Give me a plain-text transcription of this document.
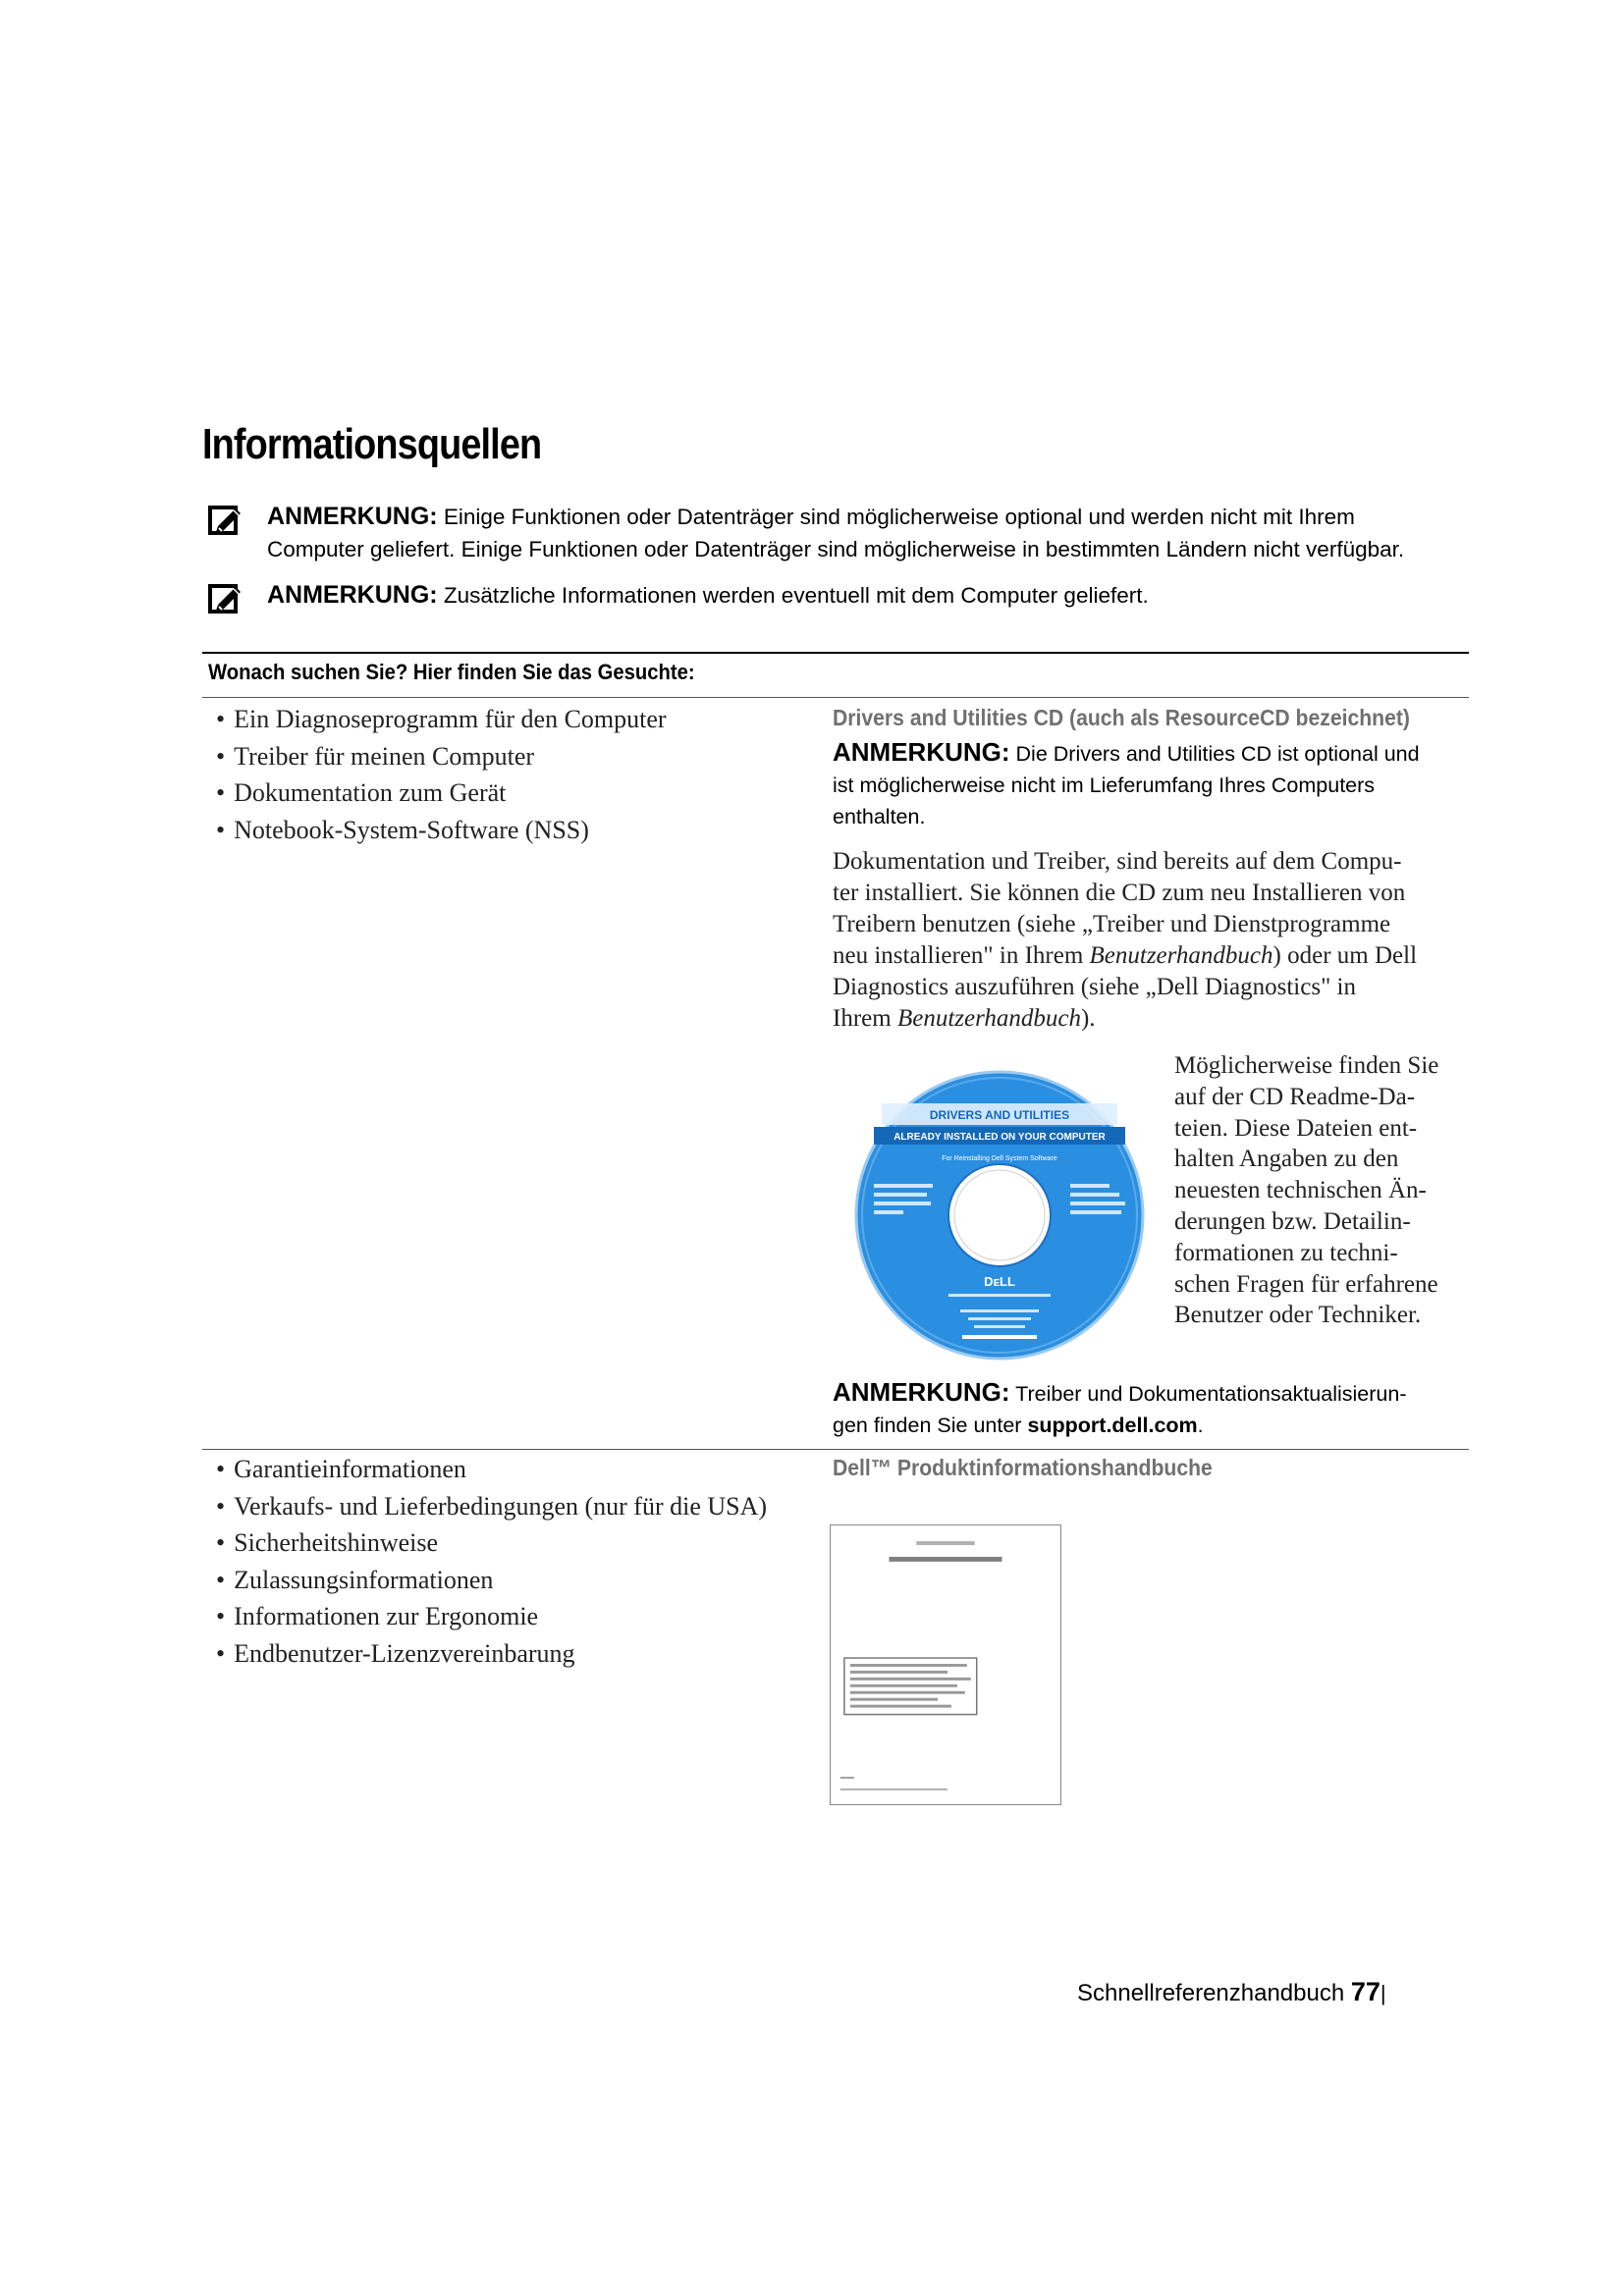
Informationsquellen
ANMERKUNG: Einige Funktionen oder Datenträger sind möglicherweise optional und werden nicht mit Ihrem
Computer geliefert. Einige Funktionen oder Datenträger sind möglicherweise in bestimmten Ländern nicht verfügbar.
ANMERKUNG: Zusätzliche Informationen werden eventuell mit dem Computer geliefert.
Wonach suchen Sie? Hier finden Sie das Gesuchte:
• Ein Diagnoseprogramm für den Computer
• Treiber für meinen Computer
• Dokumentation zum Gerät
• Notebook-System-Software (NSS)
Drivers and Utilities CD (auch als ResourceCD bezeichnet)
ANMERKUNG: Die Drivers and Utilities CD ist optional und
ist möglicherweise nicht im Lieferumfang Ihres Computers
enthalten.
Dokumentation und Treiber, sind bereits auf dem Compu-
ter installiert. Sie können die CD zum neu Installieren von
Treibern benutzen (siehe „Treiber und Dienstprogramme
neu installieren" in Ihrem Benutzerhandbuch) oder um Dell
Diagnostics auszuführen (siehe „Dell Diagnostics" in
Ihrem Benutzerhandbuch).
DRIVERS AND UTILITIES
ALREADY INSTALLED ON YOUR COMPUTER
For Reinstalling Dell System Software
DᴇLL
Möglicherweise finden Sie
auf der CD Readme-Da-
teien. Diese Dateien ent-
halten Angaben zu den
neuesten technischen Än-
derungen bzw. Detailin-
formationen zu techni-
schen Fragen für erfahrene
Benutzer oder Techniker.
ANMERKUNG: Treiber und Dokumentationsaktualisierun-
gen finden Sie unter support.dell.com.
• Garantieinformationen
• Verkaufs- und Lieferbedingungen (nur für die USA)
• Sicherheitshinweise
• Zulassungsinformationen
• Informationen zur Ergonomie
• Endbenutzer-Lizenzvereinbarung
Dell™ Produktinformationshandbuche
Schnellreferenzhandbuch 77|
